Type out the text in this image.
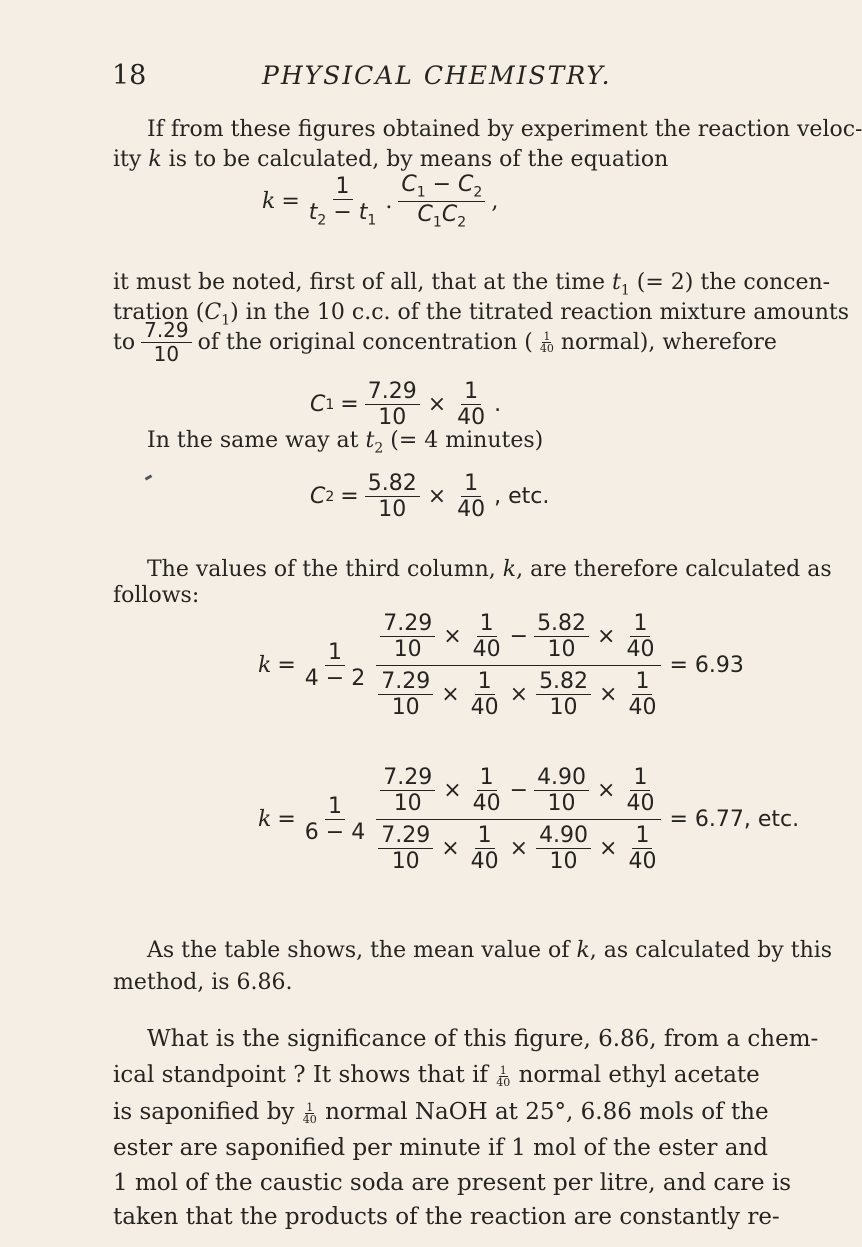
18	PHYSICAL CHEMISTRY.
If from these figures obtained by experiment the reaction veloc-
ity k is to be calculated, by means of the equation
$k = \frac{1}{t_2 - t_1}$ . $\frac{C_1 - C_2}{C_1C_2}$ ,
it must be noted, first of all, that at the time $t_1$ (= 2) the concen-
tration $(C_1)$ in the 10 c.c. of the titrated reaction mixture amounts
to $\frac{7.29}{10}$ of the original concentration ( 1
40 normal), wherefore
C $1 = \frac{7.29}{10} \times \frac{1}{40}$ .
In the same way at $t_2$ (= 4 minutes)
C $2 = \frac{5.82}{10} \times \frac{1}{40}$ , etc.
The values of the third column, k, are therefore calculated as
follows:
$k = \frac{1}{4 - 2} \frac{\frac{7.29}{10} \times \frac{1}{40} - \frac{5.82}{10} \times \frac{1}{40}}{\frac{7.29}{10} \times \frac{1}{40} \times \frac{5.82}{10} \times \frac{1}{40}} = 6.93$
$k = \frac{1}{6 - 4} \frac{\frac{7.29}{10} \times \frac{1}{40} - \frac{4.90}{10} \times \frac{1}{40}}{\frac{7.29}{10} \times \frac{1}{40} \times \frac{4.90}{10} \times \frac{1}{40}} = 6.77$, etc.
As the table shows, the mean value of k, as calculated by this
method, is 6.86.
What is the significance of this figure, 6.86, from a chem-
ical standpoint ? It shows that if $\frac{1}{40}$ normal ethyl acetate
is saponified by $\frac{1}{40}$ normal NaOH at 25°, 6.86 mols of the
ester are saponified per minute if 1 mol of the ester and
1 mol of the caustic soda are present per litre, and care is
taken that the products of the reaction are constantly re-
